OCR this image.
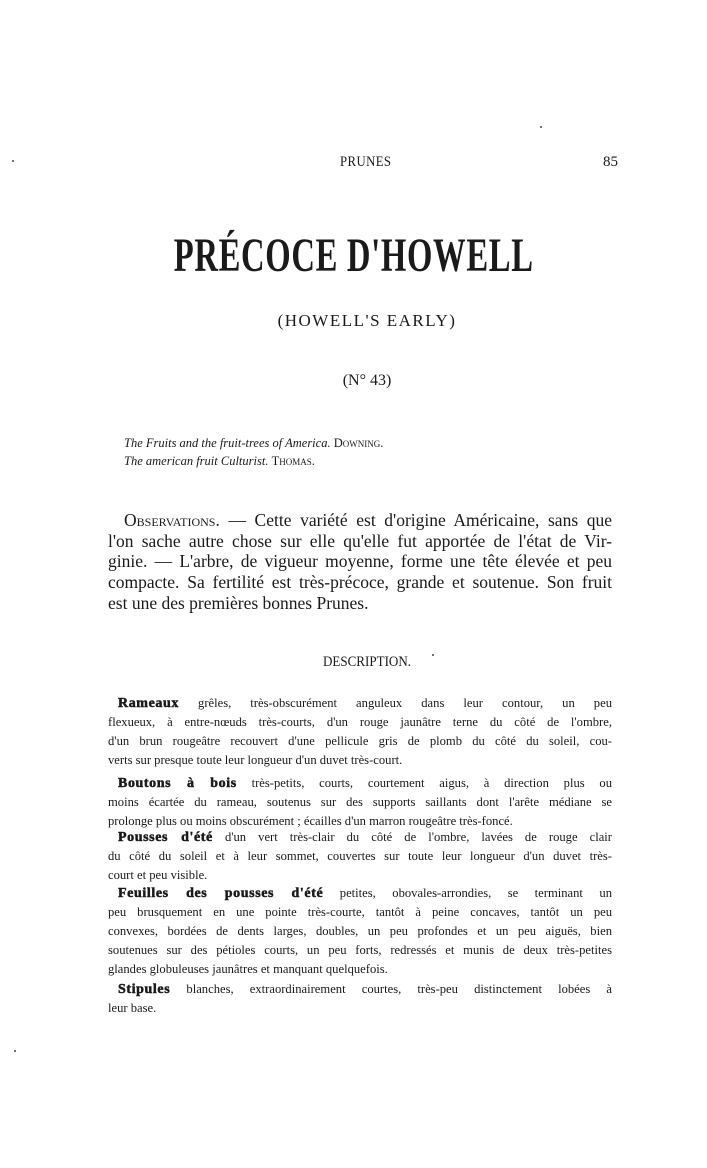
PRUNES	85
PRÉCOCE D'HOWELL
(HOWELL'S EARLY)
(N° 43)
The Fruits and the fruit-trees of America. Downing.
The american fruit Culturist. Thomas.
Observations. — Cette variété est d'origine Américaine, sans que
l'on sache autre chose sur elle qu'elle fut apportée de l'état de Vir-
ginie. — L'arbre, de vigueur moyenne, forme une tête élevée et peu
compacte. Sa fertilité est très-précoce, grande et soutenue. Son fruit
est une des premières bonnes Prunes.
DESCRIPTION.
Rameaux grêles, très-obscurément anguleux dans leur contour, un peu
flexueux, à entre-nœuds très-courts, d'un rouge jaunâtre terne du côté de l'ombre,
d'un brun rougeâtre recouvert d'une pellicule gris de plomb du côté du soleil, cou-
verts sur presque toute leur longueur d'un duvet très-court.
Boutons à bois très-petits, courts, courtement aigus, à direction plus ou
moins écartée du rameau, soutenus sur des supports saillants dont l'arête médiane se
prolonge plus ou moins obscurément ; écailles d'un marron rougeâtre très-foncé.
Pousses d'été d'un vert très-clair du côté de l'ombre, lavées de rouge clair
du côté du soleil et à leur sommet, couvertes sur toute leur longueur d'un duvet très-
court et peu visible.
Feuilles des pousses d'été petites, obovales-arrondies, se terminant un
peu brusquement en une pointe très-courte, tantôt à peine concaves, tantôt un peu
convexes, bordées de dents larges, doubles, un peu profondes et un peu aiguës, bien
soutenues sur des pétioles courts, un peu forts, redressés et munis de deux très-petites
glandes globuleuses jaunâtres et manquant quelquefois.
Stipules blanches, extraordinairement courtes, très-peu distinctement lobées à
leur base.
